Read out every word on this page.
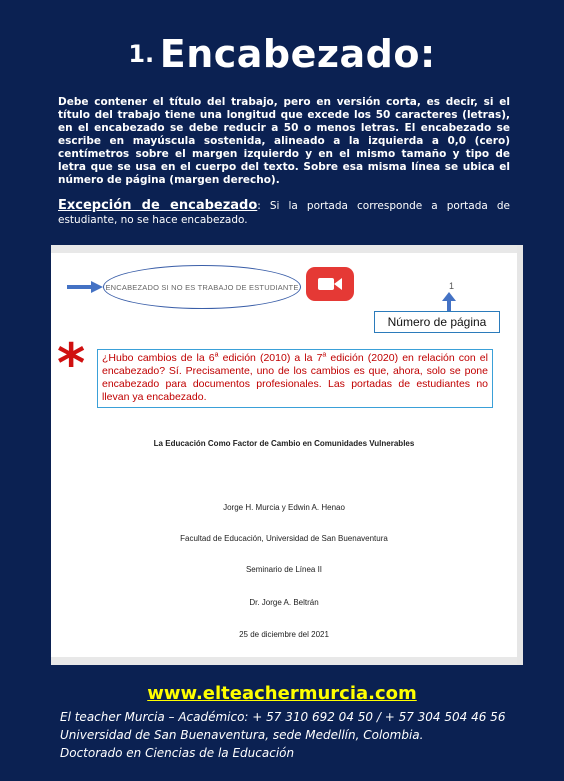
1. Encabezado:
Debe contener el título del trabajo, pero en versión corta, es decir, si el título del trabajo tiene una longitud que excede los 50 caracteres (letras), en el encabezado se debe reducir a 50 o menos letras. El encabezado se escribe en mayúscula sostenida, alineado a la izquierda a 0,0 (cero) centímetros sobre el margen izquierdo y en el mismo tamaño y tipo de letra que se usa en el cuerpo del texto. Sobre esa misma línea se ubica el número de página (margen derecho).
Excepción de encabezado: Si la portada corresponde a portada de estudiante, no se hace encabezado.
ENCABEZADO SI NO ES TRABAJO DE ESTUDIANTE	1
Número de página
*	¿Hubo cambios de la 6$^a$ edición (2010) a la 7$^a$ edición (2020) en relación con el encabezado? Sí. Precisamente, uno de los cambios es que, ahora, solo se pone encabezado para documentos profesionales. Las portadas de estudiantes no llevan ya encabezado.
La Educación Como Factor de Cambio en Comunidades Vulnerables
Jorge H. Murcia y Edwin A. Henao
Facultad de Educación, Universidad de San Buenaventura
Seminario de Línea II
Dr. Jorge A. Beltrán
25 de diciembre del 2021
www.elteachermurcia.com
El teacher Murcia – Académico: + 57 310 692 04 50 / + 57 304 504 46 56
Universidad de San Buenaventura, sede Medellín, Colombia.
Doctorado en Ciencias de la Educación
